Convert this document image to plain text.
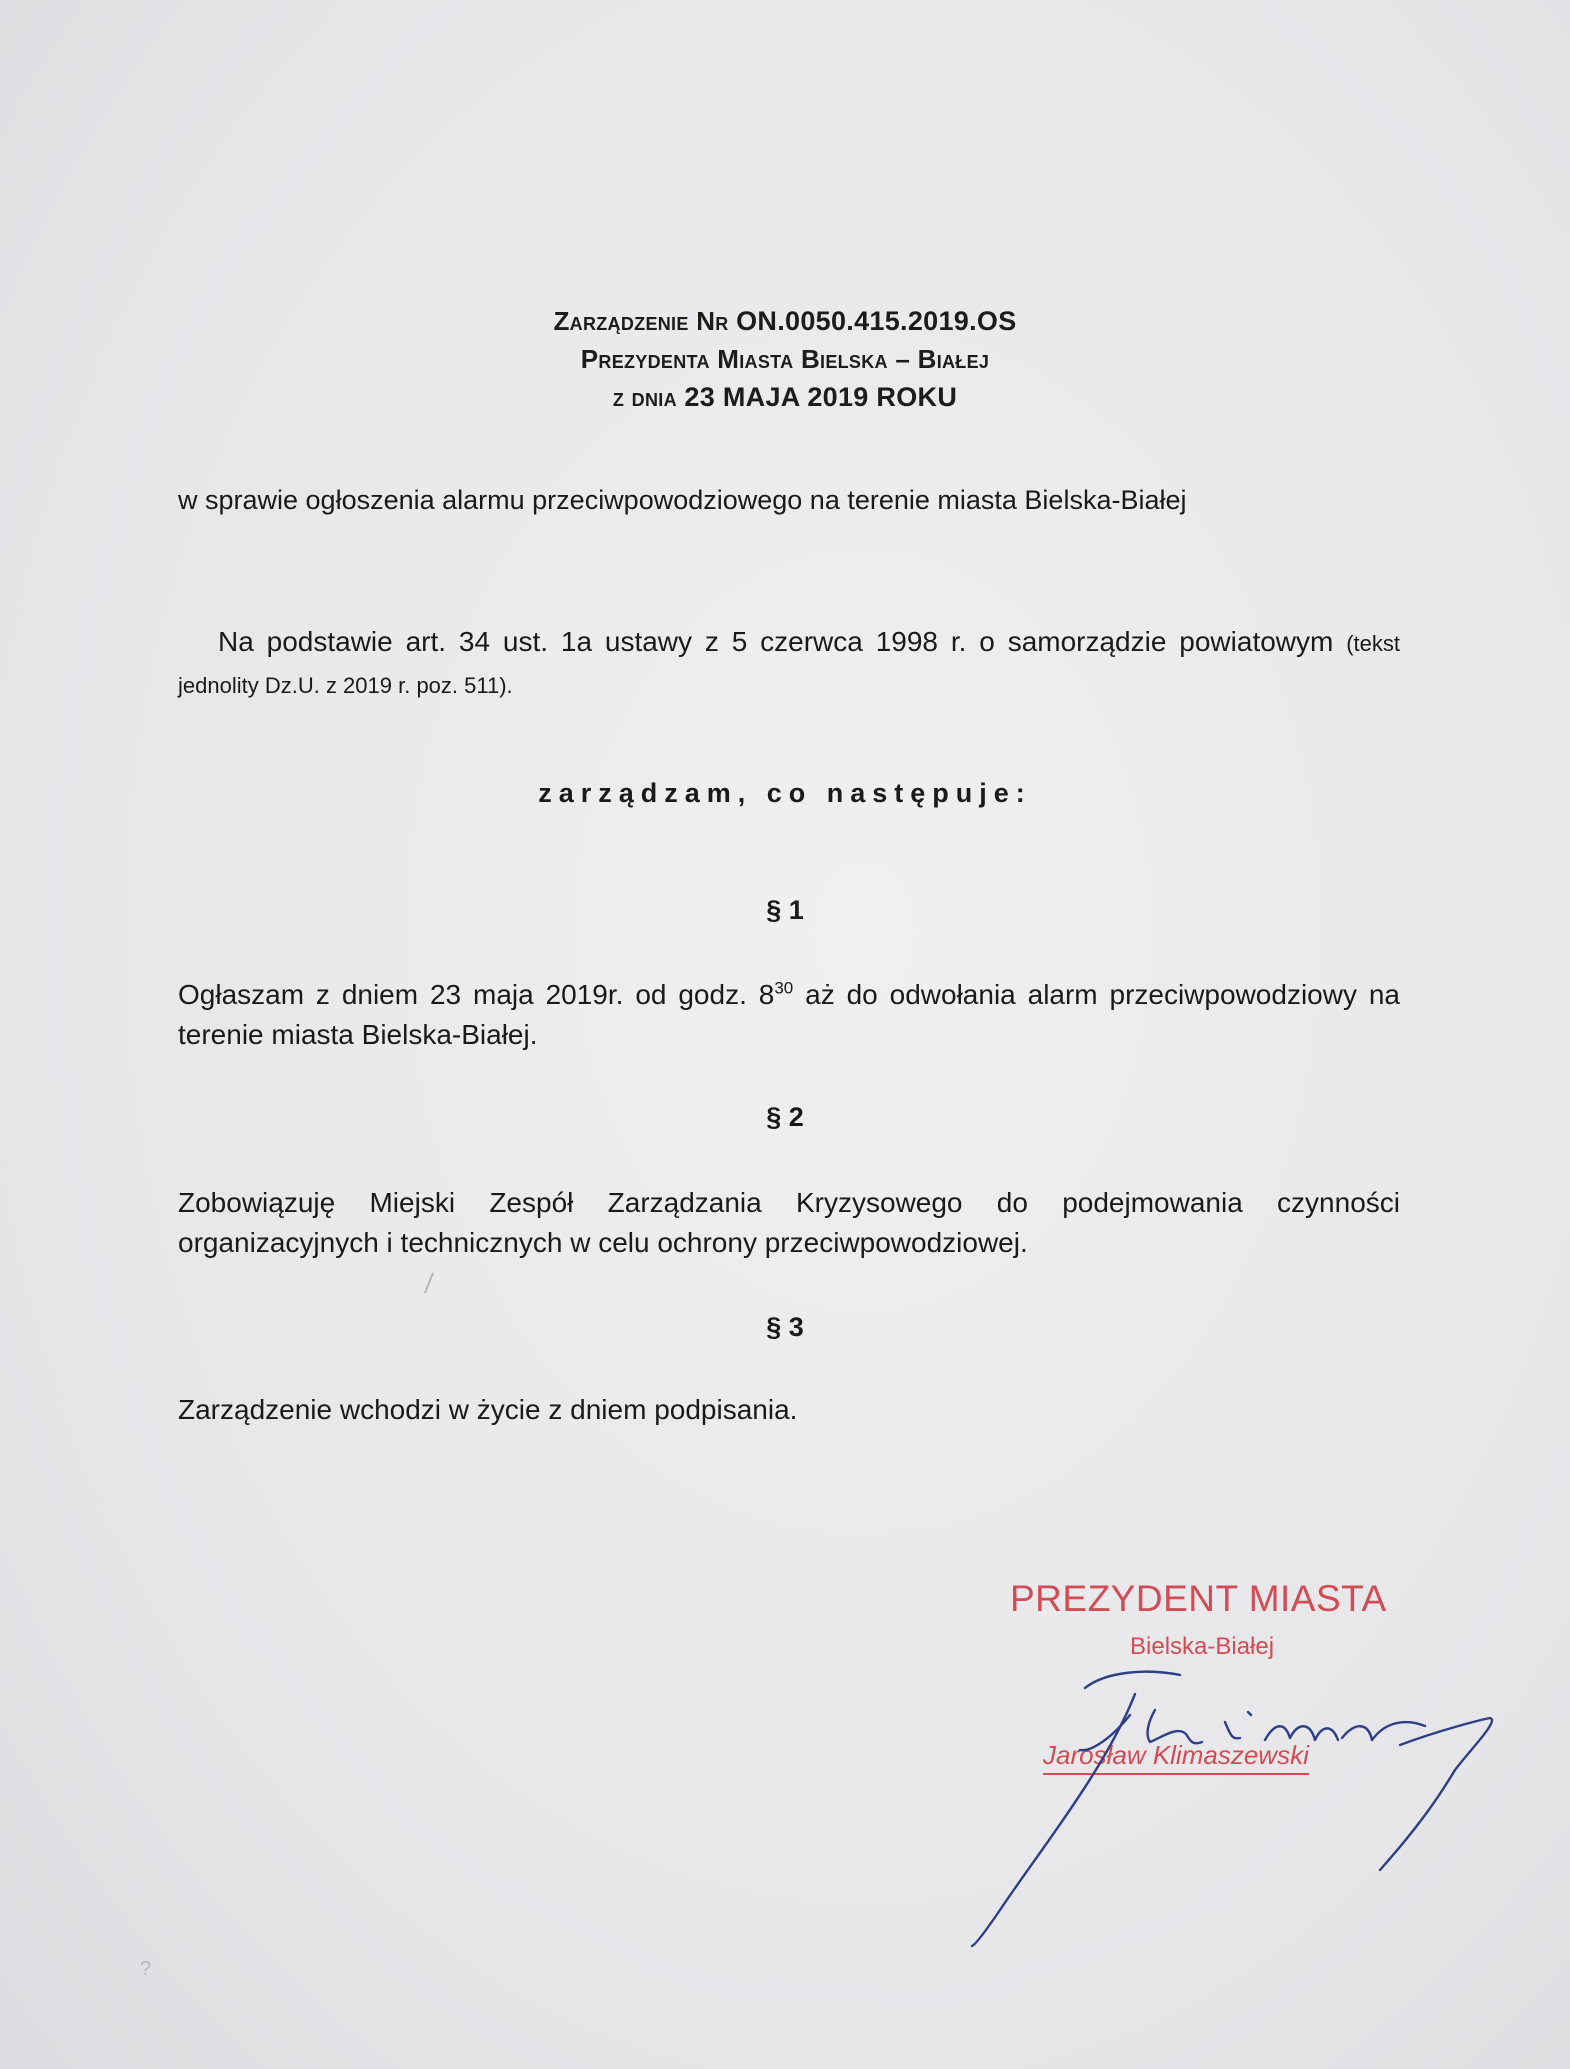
Zarządzenie Nr ON.0050.415.2019.OS
Prezydenta Miasta Bielska – Białej
z dnia 23 MAJA 2019 ROKU
w sprawie ogłoszenia alarmu przeciwpowodziowego na terenie miasta Bielska-Białej
Na podstawie art. 34 ust. 1a ustawy z 5 czerwca 1998 r. o samorządzie powiatowym (tekst jednolity Dz.U. z 2019 r. poz. 511).
zarządzam, co następuje:
§ 1
Ogłaszam z dniem 23 maja 2019r. od godz. $8^{30}$ aż do odwołania alarm przeciwpowodziowy na terenie miasta Bielska-Białej.
§ 2
Zobowiązuję Miejski Zespół Zarządzania Kryzysowego do podejmowania czynności organizacyjnych i technicznych w celu ochrony przeciwpowodziowej.
§ 3
Zarządzenie wchodzi w życie z dniem podpisania.
PREZYDENT MIASTA
Bielska-Białej
Jarosław Klimaszewski
?
